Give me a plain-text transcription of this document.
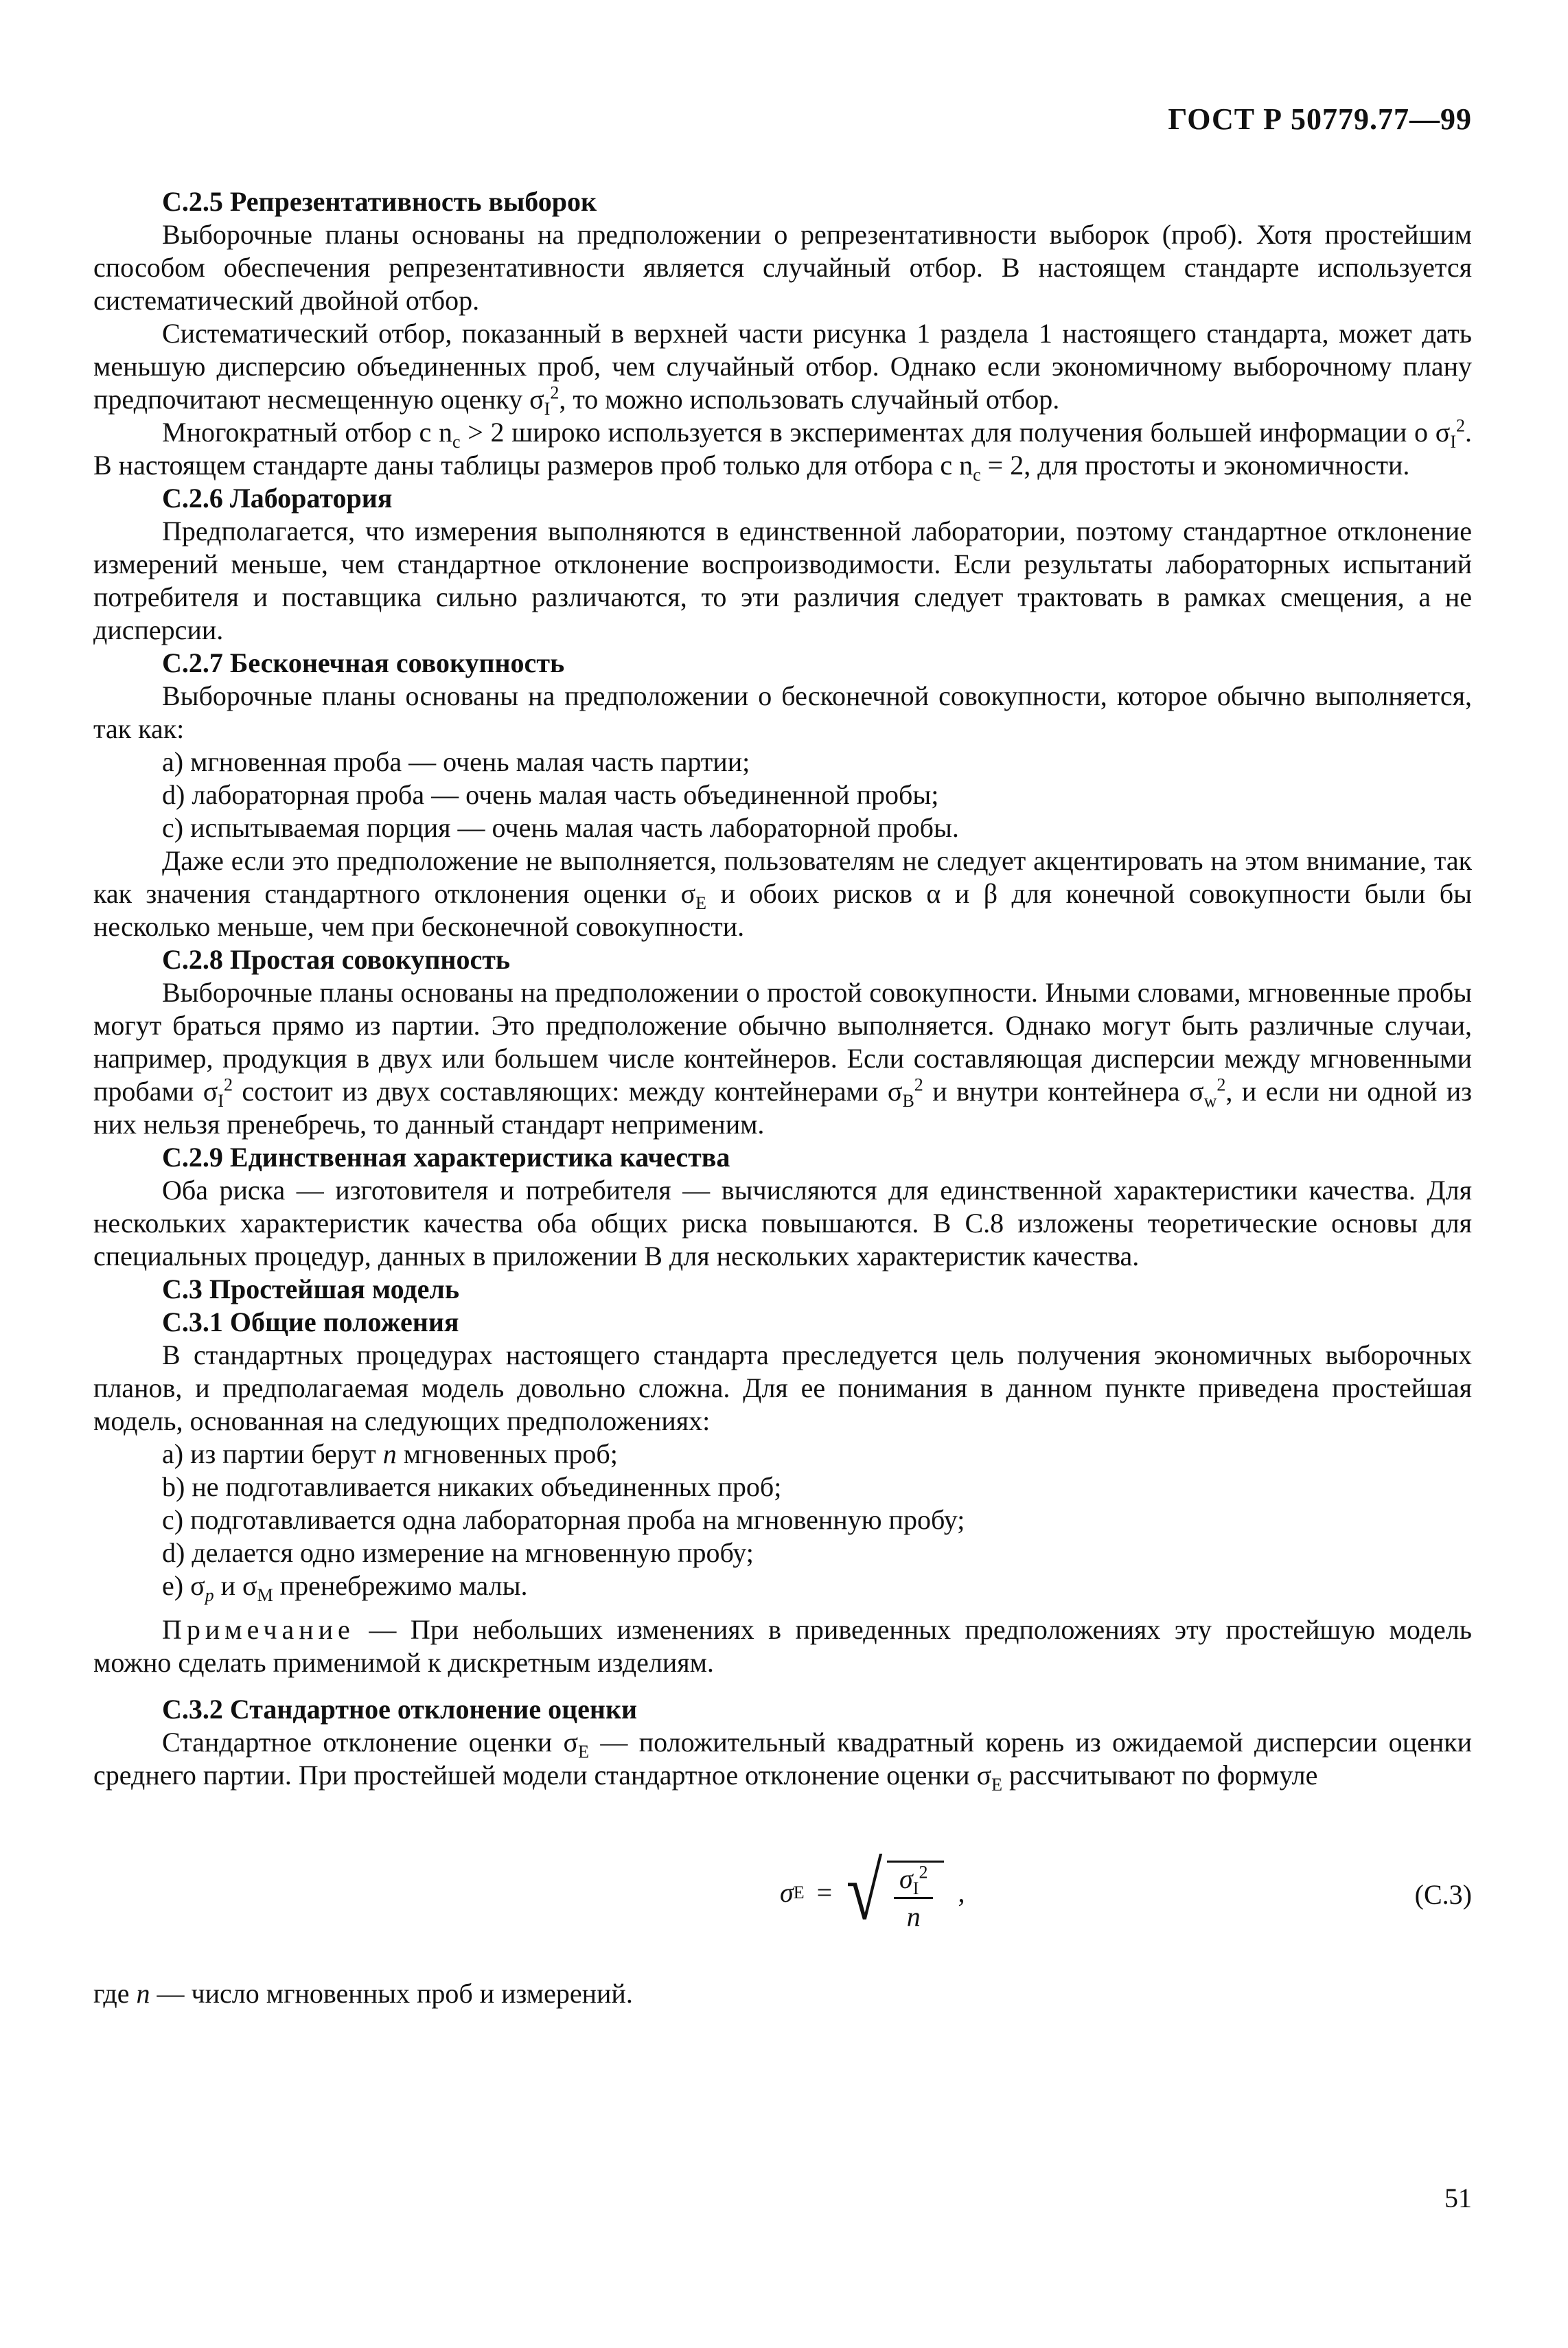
ГОСТ Р 50779.77—99
С.2.5 Репрезентативность выборок

Выборочные планы основаны на предположении о репрезентативности выборок (проб). Хотя простейшим способом обеспечения репрезентативности является случайный отбор. В настоящем стандарте используется систематический двойной отбор.

Систематический отбор, показанный в верхней части рисунка 1 раздела 1 настоящего стандарта, может дать меньшую дисперсию объединенных проб, чем случайный отбор. Однако если экономичному выборочному плану предпочитают несмещенную оценку $\sigma_I^2$, то можно использовать случайный отбор.

Многократный отбор с $n_c > 2$ широко используется в экспериментах для получения большей информации о $\sigma_I^2$. В настоящем стандарте даны таблицы размеров проб только для отбора с $n_c = 2$, для простоты и экономичности.

С.2.6 Лаборатория

Предполагается, что измерения выполняются в единственной лаборатории, поэтому стандартное отклонение измерений меньше, чем стандартное отклонение воспроизводимости. Если результаты лабораторных испытаний потребителя и поставщика сильно различаются, то эти различия следует трактовать в рамках смещения, а не дисперсии.

С.2.7 Бесконечная совокупность

Выборочные планы основаны на предположении о бесконечной совокупности, которое обычно выполняется, так как:

а) мгновенная проба — очень малая часть партии;

d) лабораторная проба — очень малая часть объединенной пробы;

с) испытываемая порция — очень малая часть лабораторной пробы.

Даже если это предположение не выполняется, пользователям не следует акцентировать на этом внимание, так как значения стандартного отклонения оценки $\sigma_E$ и обоих рисков α и β для конечной совокупности были бы несколько меньше, чем при бесконечной совокупности.

С.2.8 Простая совокупность

Выборочные планы основаны на предположении о простой совокупности. Иными словами, мгновенные пробы могут браться прямо из партии. Это предположение обычно выполняется. Однако могут быть различные случаи, например, продукция в двух или большем числе контейнеров. Если составляющая дисперсии между мгновенными пробами $\sigma_I^2$ состоит из двух составляющих: между контейнерами $\sigma_B^2$ и внутри контейнера $\sigma_w^2$, и если ни одной из них нельзя пренебречь, то данный стандарт неприменим.

С.2.9 Единственная характеристика качества

Оба риска — изготовителя и потребителя — вычисляются для единственной характеристики качества. Для нескольких характеристик качества оба общих риска повышаются. В С.8 изложены теоретические основы для специальных процедур, данных в приложении В для нескольких характеристик качества.

С.3 Простейшая модель
С.3.1 Общие положения

В стандартных процедурах настоящего стандарта преследуется цель получения экономичных выборочных планов, и предполагаемая модель довольно сложна. Для ее понимания в данном пункте приведена простейшая модель, основанная на следующих предположениях:

а) из партии берут n мгновенных проб;

b) не подготавливается никаких объединенных проб;

с) подготавливается одна лабораторная проба на мгновенную пробу;

d) делается одно измерение на мгновенную пробу;

е) $\sigma_p$ и $\sigma_M$ пренебрежимо малы.

Примечание — При небольших изменениях в приведенных предположениях эту простейшую модель можно сделать применимой к дискретным изделиям.

С.3.2 Стандартное отклонение оценки

Стандартное отклонение оценки $\sigma_E$ — положительный квадратный корень из ожидаемой дисперсии оценки среднего партии. При простейшей модели стандартное отклонение оценки $\sigma_E$ рассчитывают по формуле

σ E = √ $\frac{\sigma_I^2}{n}$ ,	(С.3)

где n — число мгновенных проб и измерений.

51
